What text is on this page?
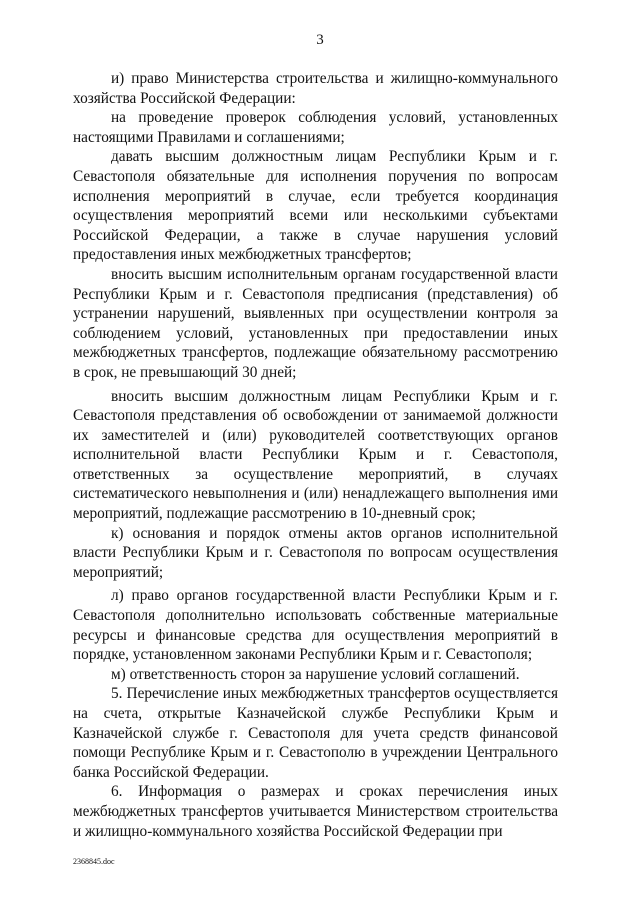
3

и) право Министерства строительства и жилищно-коммунального хозяйства Российской Федерации:

на проведение проверок соблюдения условий, установленных настоящими Правилами и соглашениями;

давать высшим должностным лицам Республики Крым и г. Севастополя обязательные для исполнения поручения по вопросам исполнения мероприятий в случае, если требуется координация осуществления мероприятий всеми или несколькими субъектами Российской Федерации, а также в случае нарушения условий предоставления иных межбюджетных трансфертов;

вносить высшим исполнительным органам государственной власти Республики Крым и г. Севастополя предписания (представления) об устранении нарушений, выявленных при осуществлении контроля за соблюдением условий, установленных при предоставлении иных межбюджетных трансфертов, подлежащие обязательному рассмотрению в срок, не превышающий 30 дней;

вносить высшим должностным лицам Республики Крым и г. Севастополя представления об освобождении от занимаемой должности их заместителей и (или) руководителей соответствующих органов исполнительной власти Республики Крым и г. Севастополя, ответственных за осуществление мероприятий, в случаях систематического невыполнения и (или) ненадлежащего выполнения ими мероприятий, подлежащие рассмотрению в 10-дневный срок;

к) основания и порядок отмены актов органов исполнительной власти Республики Крым и г. Севастополя по вопросам осуществления мероприятий;

л) право органов государственной власти Республики Крым и г. Севастополя дополнительно использовать собственные материальные ресурсы и финансовые средства для осуществления мероприятий в порядке, установленном законами Республики Крым и г. Севастополя;

м) ответственность сторон за нарушение условий соглашений.

5. Перечисление иных межбюджетных трансфертов осуществляется на счета, открытые Казначейской службе Республики Крым и Казначейской службе г. Севастополя для учета средств финансовой помощи Республике Крым и г. Севастополю в учреждении Центрального банка Российской Федерации.

6. Информация о размерах и сроках перечисления иных межбюджетных трансфертов учитывается Министерством строительства и жилищно-коммунального хозяйства Российской Федерации при

2368845.doc
